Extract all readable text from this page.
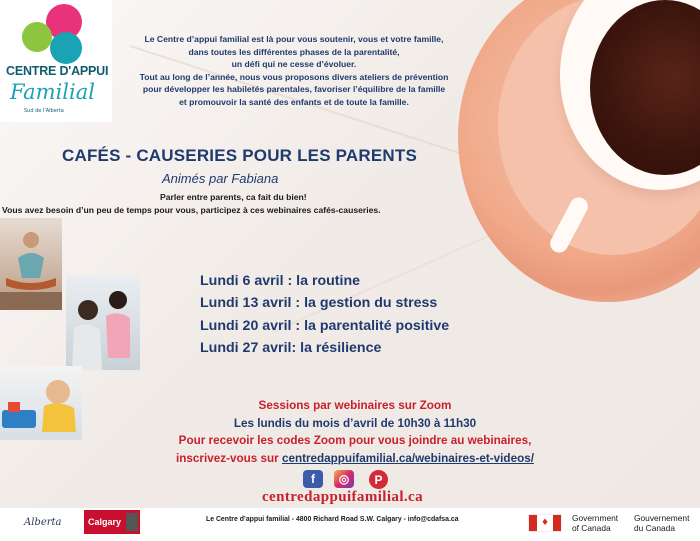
CENTRE D'APPUI
Familial
Sud de l'Alberta
Le Centre d’appui familial est là pour vous soutenir, vous et votre famille,
dans toutes les différentes phases de la parentalité,
un défi qui ne cesse d’évoluer.
Tout au long de l’année, nous vous proposons divers ateliers de prévention
pour développer les habiletés parentales, favoriser l’équilibre de la famille
et promouvoir la santé des enfants et de toute la famille.
CAFÉS - CAUSERIES POUR LES PARENTS
Animés par Fabiana
Parler entre parents, ca fait du bien!
Vous avez besoin d’un peu de temps pour vous, participez à ces webinaires cafés-causeries.
Lundi 6 avril : la routine
Lundi 13 avril : la gestion du stress
Lundi 20 avril : la parentalité positive
Lundi 27 avril: la résilience
Sessions par webinaires sur Zoom
Les lundis du mois d’avril de 10h30 à 11h30
Pour recevoir les codes Zoom pour vous joindre au webinaires,
inscrivez-vous sur centredappuifamilial.ca/webinaires-et-videos/
f	◎	P
centredappuifamilial.ca
Alberta	Calgary	Le Centre d’appui familial - 4800 Richard Road S.W. Calgary - info@cdafsa.ca	♦	Government
of Canada
Gouvernement
du Canada
